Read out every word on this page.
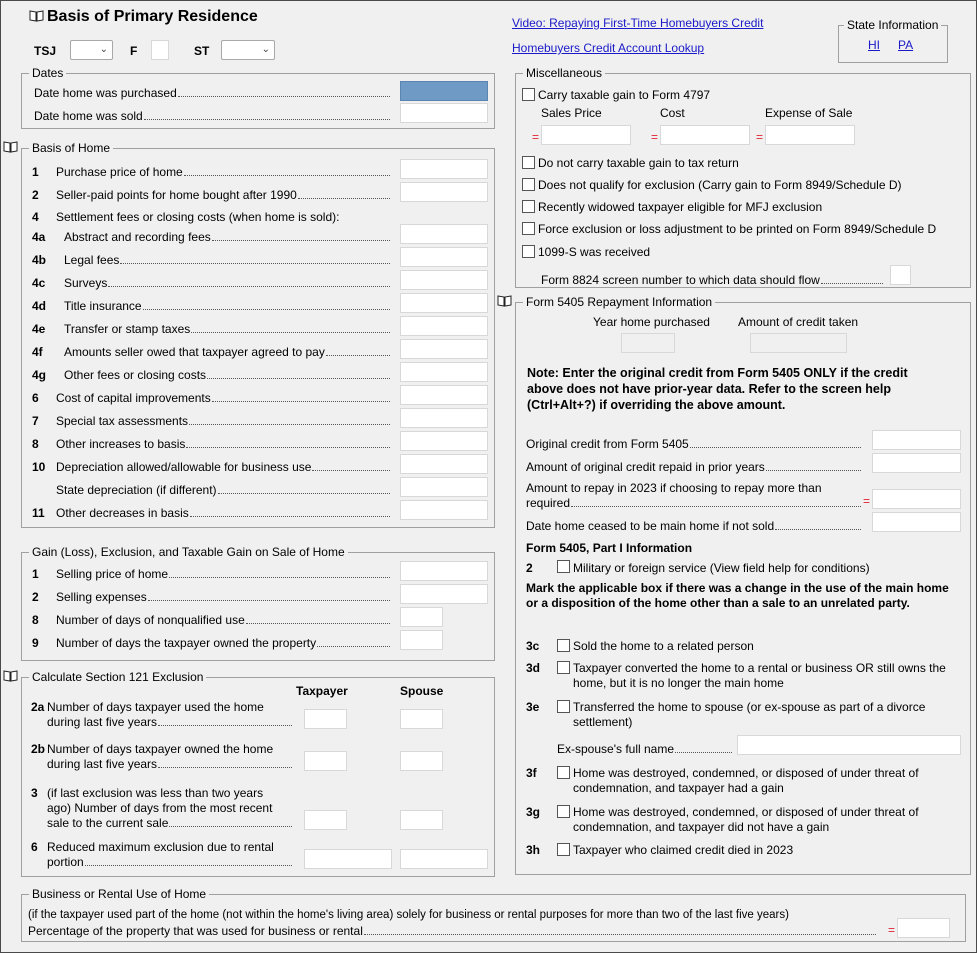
Basis of Primary Residence
TSJ	⌄ F	ST	⌄
Video: Repaying First-Time Homebuyers Credit
Homebuyers Credit Account Lookup
State Information
HI PA
Dates
Date home was purchased
Date home was sold
Basis of Home
1	Purchase price of home
2	Seller-paid points for home bought after 1990
4	Settlement fees or closing costs (when home is sold):
4a	Abstract and recording fees
4b	Legal fees
4c	Surveys
4d	Title insurance
4e	Transfer or stamp taxes
4f	Amounts seller owed that taxpayer agreed to pay
4g	Other fees or closing costs
6	Cost of capital improvements
7	Special tax assessments
8	Other increases to basis
10 Depreciation allowed/allowable for business use
State depreciation (if different)
11 Other decreases in basis
Gain (Loss), Exclusion, and Taxable Gain on Sale of Home
1	Selling price of home
2	Selling expenses
8	Number of days of nonqualified use
9	Number of days the taxpayer owned the property
Calculate Section 121 Exclusion
Taxpayer	Spouse
2a Number of days taxpayer used the home
during last five years
2b Number of days taxpayer owned the home
during last five years
3 (if last exclusion was less than two years
ago) Number of days from the most recent
sale to the current sale
6 Reduced maximum exclusion due to rental
portion
Miscellaneous
Carry taxable gain to Form 4797
Sales Price	Cost	Expense of Sale
=	=	=
Do not carry taxable gain to tax return
Does not qualify for exclusion (Carry gain to Form 8949/Schedule D)
Recently widowed taxpayer eligible for MFJ exclusion
Force exclusion or loss adjustment to be printed on Form 8949/Schedule D
1099-S was received
Form 8824 screen number to which data should flow
Form 5405 Repayment Information
Year home purchased Amount of credit taken
Note: Enter the original credit from Form 5405 ONLY if the credit
above does not have prior-year data. Refer to the screen help
(Ctrl+Alt+?) if overriding the above amount.
Original credit from Form 5405
Amount of original credit repaid in prior years
Amount to repay in 2023 if choosing to repay more than
required	=
Date home ceased to be main home if not sold
Form 5405, Part I Information
2	Military or foreign service (View field help for conditions)
Mark the applicable box if there was a change in the use of the main home
or a disposition of the home other than a sale to an unrelated party.
3c	Sold the home to a related person
3d	Taxpayer converted the home to a rental or business OR still owns the
home, but it is no longer the main home
3e	Transferred the home to spouse (or ex-spouse as part of a divorce
settlement)
3f	Home was destroyed, condemned, or disposed of under threat of
condemnation, and taxpayer had a gain
3g	Home was destroyed, condemned, or disposed of under threat of
condemnation, and taxpayer did not have a gain
3h	Taxpayer who claimed credit died in 2023
Ex-spouse's full name
Business or Rental Use of Home
(if the taxpayer used part of the home (not within the home's living area) solely for business or rental purposes for more than two of the last five years)
Percentage of the property that was used for business or rental	=
